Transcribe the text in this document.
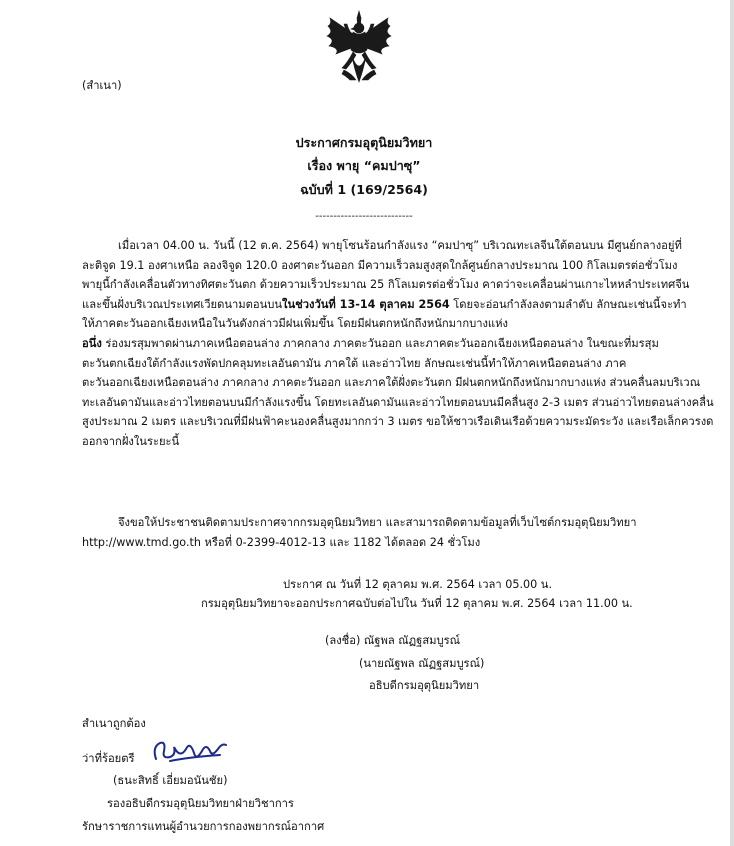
(สำเนา)
ประกาศกรมอุตุนิยมวิทยา
เรื่อง พายุ “คมปาซุ”
ฉบับที่ 1 (169/2564)
---------------------------
เมื่อเวลา 04.00 น. วันนี้ (12 ต.ค. 2564) พายุโซนร้อนกำลังแรง “คมปาซุ” บริเวณทะเลจีนใต้ตอนบน มีศูนย์กลางอยู่ที่
ละติจูด 19.1 องศาเหนือ ลองจิจูด 120.0 องศาตะวันออก มีความเร็วลมสูงสุดใกล้ศูนย์กลางประมาณ 100 กิโลเมตรต่อชั่วโมง
พายุนี้กำลังเคลื่อนตัวทางทิศตะวันตก ด้วยความเร็วประมาณ 25 กิโลเมตรต่อชั่วโมง คาดว่าจะเคลื่อนผ่านเกาะไหหลำประเทศจีน
และขึ้นฝั่งบริเวณประเทศเวียดนามตอนบนในช่วงวันที่ 13-14 ตุลาคม 2564 โดยจะอ่อนกำลังลงตามลำดับ ลักษณะเช่นนี้จะทำ
ให้ภาคตะวันออกเฉียงเหนือในวันดังกล่าวมีฝนเพิ่มขึ้น โดยมีฝนตกหนักถึงหนักมากบางแห่ง
อนึ่ง ร่องมรสุมพาดผ่านภาคเหนือตอนล่าง ภาคกลาง ภาคตะวันออก และภาคตะวันออกเฉียงเหนือตอนล่าง ในขณะที่มรสุม
ตะวันตกเฉียงใต้กำลังแรงพัดปกคลุมทะเลอันดามัน ภาคใต้ และอ่าวไทย ลักษณะเช่นนี้ทำให้ภาคเหนือตอนล่าง ภาค
ตะวันออกเฉียงเหนือตอนล่าง ภาคกลาง ภาคตะวันออก และภาคใต้ฝั่งตะวันตก มีฝนตกหนักถึงหนักมากบางแห่ง ส่วนคลื่นลมบริเวณ
ทะเลอันดามันและอ่าวไทยตอนบนมีกำลังแรงขึ้น โดยทะเลอันดามันและอ่าวไทยตอนบนมีคลื่นสูง 2-3 เมตร ส่วนอ่าวไทยตอนล่างคลื่น
สูงประมาณ 2 เมตร และบริเวณที่มีฝนฟ้าคะนองคลื่นสูงมากกว่า 3 เมตร ขอให้ชาวเรือเดินเรือด้วยความระมัดระวัง และเรือเล็กควรงด
ออกจากฝั่งในระยะนี้
จึงขอให้ประชาชนติดตามประกาศจากกรมอุตุนิยมวิทยา และสามารถติดตามข้อมูลที่เว็บไซต์กรมอุตุนิยมวิทยา
http://www.tmd.go.th หรือที่ 0-2399-4012-13 และ 1182 ได้ตลอด 24 ชั่วโมง
ประกาศ ณ วันที่ 12 ตุลาคม พ.ศ. 2564 เวลา 05.00 น.
กรมอุตุนิยมวิทยาจะออกประกาศฉบับต่อไปใน วันที่ 12 ตุลาคม พ.ศ. 2564 เวลา 11.00 น.
(ลงชื่อ) ณัฐพล ณัฏฐสมบูรณ์
(นายณัฐพล ณัฏฐสมบูรณ์)
อธิบดีกรมอุตุนิยมวิทยา
สำเนาถูกต้อง
ว่าที่ร้อยตรี
(ธนะสิทธิ์ เอี่ยมอนันชัย)
รองอธิบดีกรมอุตุนิยมวิทยาฝ่ายวิชาการ
รักษาราชการแทนผู้อำนวยการกองพยากรณ์อากาศ
